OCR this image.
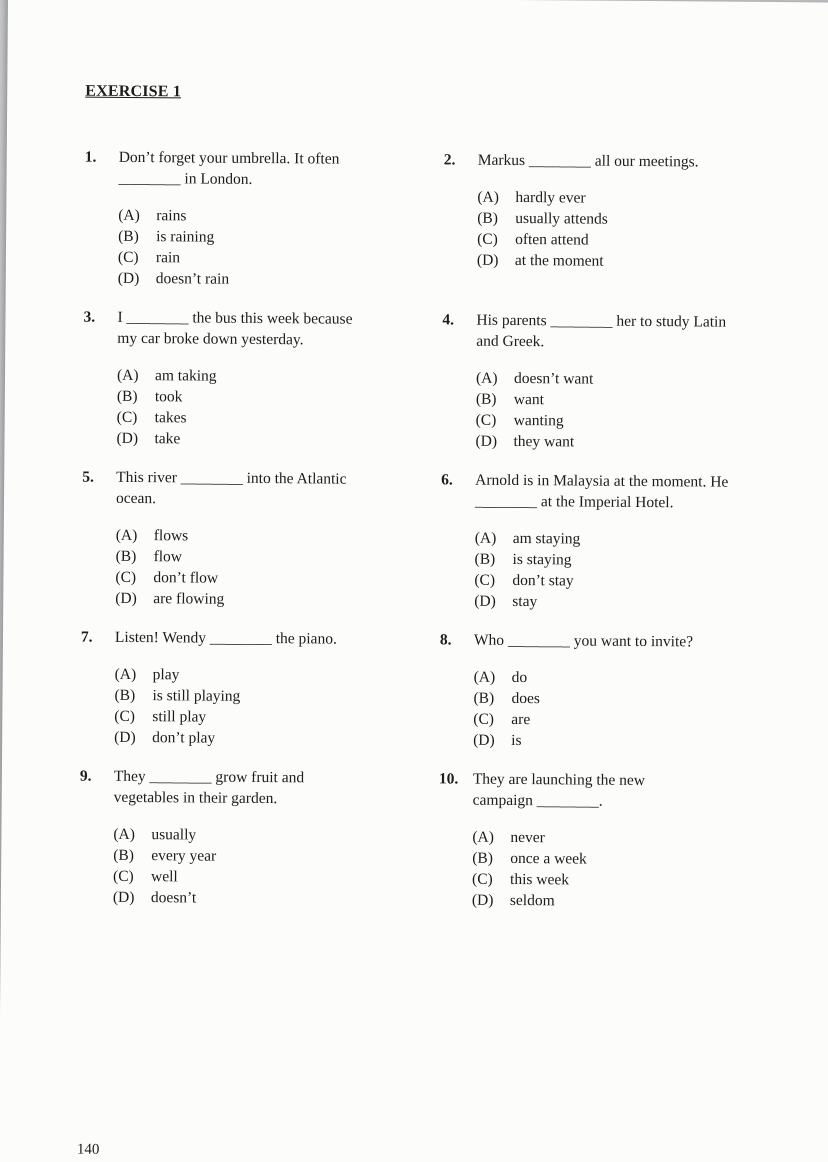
EXERCISE 1
1.	Don’t forget your umbrella. It often
________ in London.
(A)	rains
(B)	is raining
(C)	rain
(D)	doesn’t rain
2.	Markus ________ all our meetings.
(A)	hardly ever
(B)	usually attends
(C)	often attend
(D)	at the moment
3.	I ________ the bus this week because
my car broke down yesterday.
(A)	am taking
(B)	took
(C)	takes
(D)	take
4.	His parents ________ her to study Latin
and Greek.
(A)	doesn’t want
(B)	want
(C)	wanting
(D)	they want
5.	This river ________ into the Atlantic
ocean.
(A)	flows
(B)	flow
(C)	don’t flow
(D)	are flowing
6.	Arnold is in Malaysia at the moment. He
________ at the Imperial Hotel.
(A)	am staying
(B)	is staying
(C)	don’t stay
(D)	stay
7.	Listen! Wendy ________ the piano.
(A)	play
(B)	is still playing
(C)	still play
(D)	don’t play
8.	Who ________ you want to invite?
(A)	do
(B)	does
(C)	are
(D)	is
9.	They ________ grow fruit and
vegetables in their garden.
(A)	usually
(B)	every year
(C)	well
(D)	doesn’t
10. They are launching the new
campaign ________.
(A)	never
(B)	once a week
(C)	this week
(D)	seldom
140
